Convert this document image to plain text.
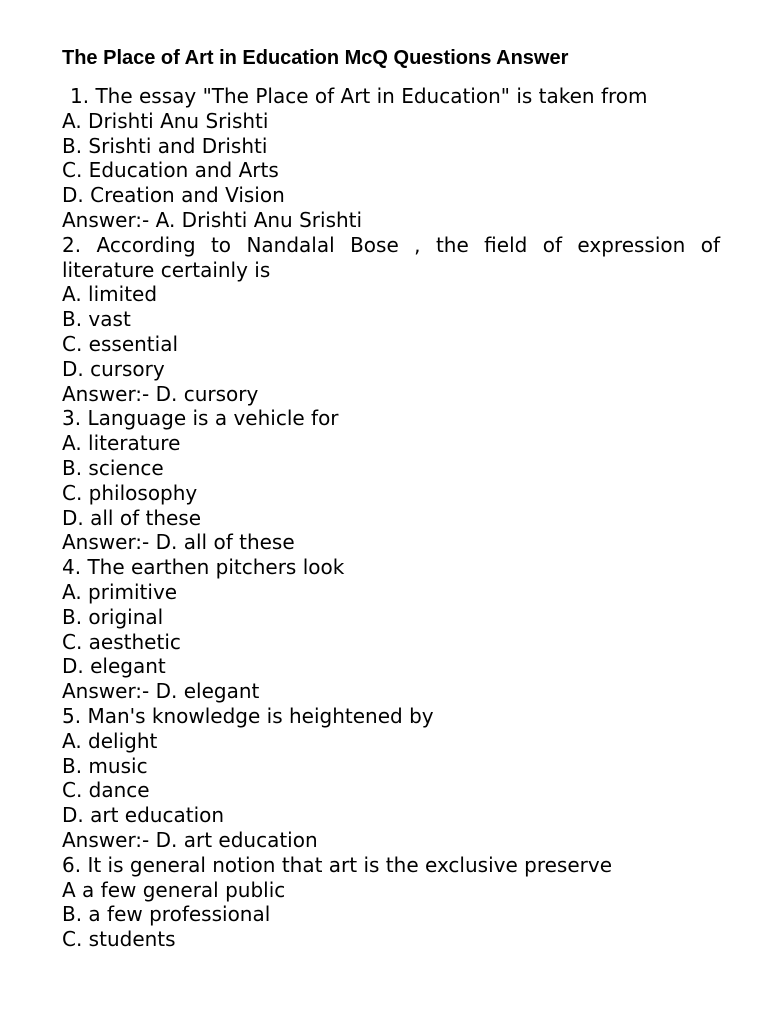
The Place of Art in Education McQ Questions Answer

1. The essay "The Place of Art in Education" is taken from

A. Drishti Anu Srishti

B. Srishti and Drishti

C. Education and Arts

D. Creation and Vision

Answer:- A. Drishti Anu Srishti

2. According to Nandalal Bose , the field of expression of literature certainly is

A. limited

B. vast

C. essential

D. cursory

Answer:- D. cursory

3. Language is a vehicle for

A. literature

B. science

C. philosophy

D. all of these

Answer:- D. all of these

4. The earthen pitchers look

A. primitive

B. original

C. aesthetic

D. elegant

Answer:- D. elegant

5. Man's knowledge is heightened by

A. delight

B. music

C. dance

D. art education

Answer:- D. art education

6. It is general notion that art is the exclusive preserve

A a few general public

B. a few professional

C. students
